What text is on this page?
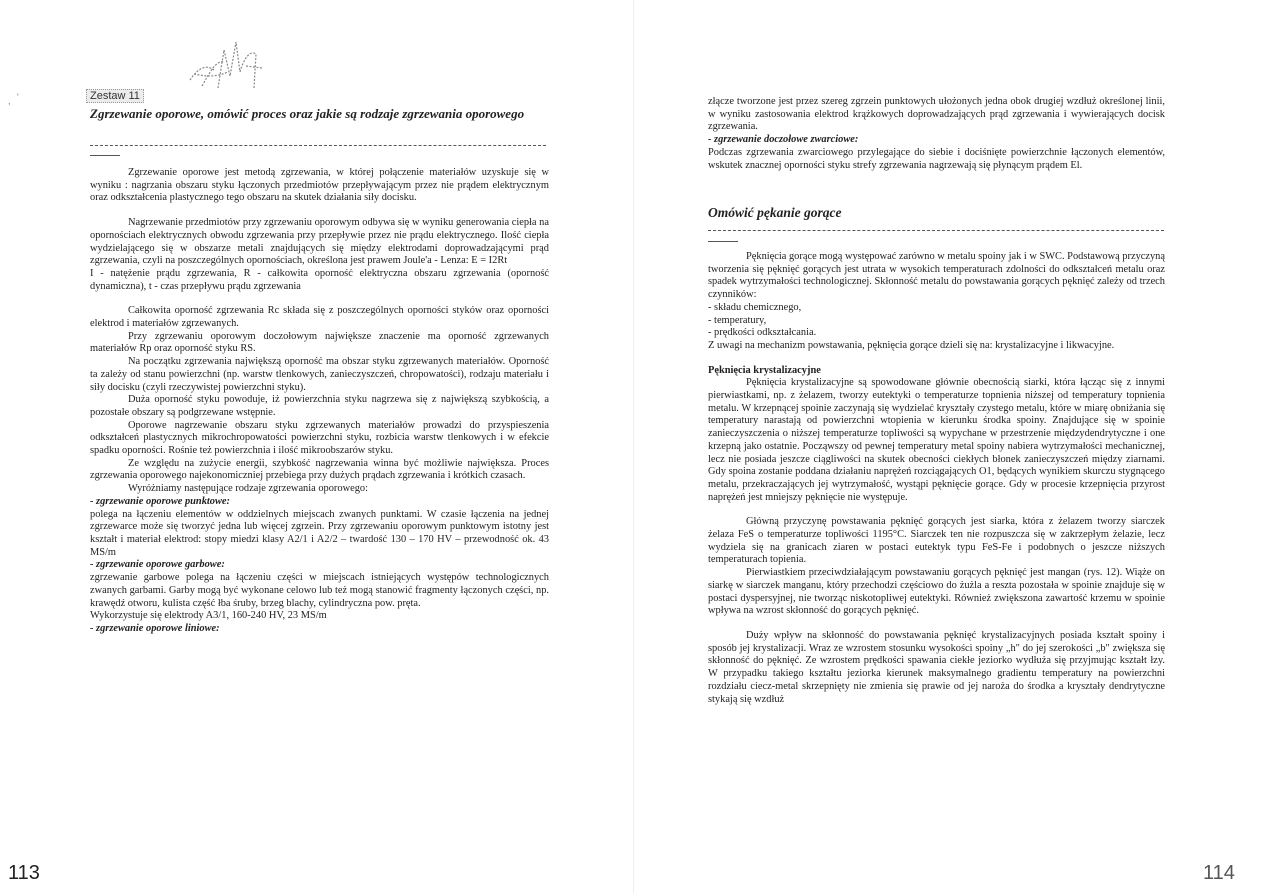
, '	Zestaw 11
Zgrzewanie oporowe, omówić proces oraz jakie są rodzaje zgrzewania oporowego

Zgrzewanie oporowe jest metodą zgrzewania, w której połączenie materiałów uzyskuje się w wyniku : nagrzania obszaru styku łączonych przedmiotów przepływającym przez nie prądem elektrycznym oraz odkształcenia plastycznego tego obszaru na skutek działania siły docisku.

Nagrzewanie przedmiotów przy zgrzewaniu oporowym odbywa się w wyniku generowania ciepła na opornościach elektrycznych obwodu zgrzewania przy przepływie przez nie prądu elektrycznego. Ilość ciepła wydzielającego się w obszarze metali znajdujących się między elektrodami doprowadzającymi prąd zgrzewania, czyli na poszczególnych opornościach, określona jest prawem Joule'a - Lenza: E = I2Rt

I - natężenie prądu zgrzewania, R - całkowita oporność elektryczna obszaru zgrzewania (oporność dynamiczna), t - czas przepływu prądu zgrzewania

Całkowita oporność zgrzewania Rc składa się z poszczególnych oporności styków oraz oporności elektrod i materiałów zgrzewanych.

Przy zgrzewaniu oporowym doczołowym największe znaczenie ma oporność zgrzewanych materiałów Rp oraz oporność styku RS.

Na początku zgrzewania największą oporność ma obszar styku zgrzewanych materiałów. Oporność ta zależy od stanu powierzchni (np. warstw tlenkowych, zanieczyszczeń, chropowatości), rodzaju materiału i siły docisku (czyli rzeczywistej powierzchni styku).

Duża oporność styku powoduje, iż powierzchnia styku nagrzewa się z największą szybkością, a pozostałe obszary są podgrzewane wstępnie.

Oporowe nagrzewanie obszaru styku zgrzewanych materiałów prowadzi do przyspieszenia odkształceń plastycznych mikrochropowatości powierzchni styku, rozbicia warstw tlenkowych i w efekcie spadku oporności. Rośnie też powierzchnia i ilość mikroobszarów styku.

Ze względu na zużycie energii, szybkość nagrzewania winna być możliwie największa. Proces zgrzewania oporowego najekonomiczniej przebiega przy dużych prądach zgrzewania i krótkich czasach.

Wyróżniamy następujące rodzaje zgrzewania oporowego:

- zgrzewanie oporowe punktowe:

polega na łączeniu elementów w oddzielnych miejscach zwanych punktami. W czasie łączenia na jednej zgrzewarce może się tworzyć jedna lub więcej zgrzein. Przy zgrzewaniu oporowym punktowym istotny jest kształt i materiał elektrod: stopy miedzi klasy A2/1 i A2/2 – twardość 130 – 170 HV – przewodność ok. 43 MS/m

- zgrzewanie oporowe garbowe:

zgrzewanie garbowe polega na łączeniu części w miejscach istniejących występów technologicznych zwanych garbami. Garby mogą być wykonane celowo lub też mogą stanowić fragmenty łączonych części, np. krawędź otworu, kulista część łba śruby, brzeg blachy, cylindryczna pow. pręta.

Wykorzystuje się elektrody A3/1, 160-240 HV, 23 MS/m

- zgrzewanie oporowe liniowe:

113

złącze tworzone jest przez szereg zgrzein punktowych ułożonych jedna obok drugiej wzdłuż określonej linii, w wyniku zastosowania elektrod krążkowych doprowadzających prąd zgrzewania i wywierających docisk zgrzewania.

- zgrzewanie doczołowe zwarciowe:

Podczas zgrzewania zwarciowego przylegające do siebie i dociśnięte powierzchnie łączonych elementów, wskutek znacznej oporności styku strefy zgrzewania nagrzewają się płynącym prądem El.

Omówić pękanie gorące

Pęknięcia gorące mogą występować zarówno w metalu spoiny jak i w SWC. Podstawową przyczyną tworzenia się pęknięć gorących jest utrata w wysokich temperaturach zdolności do odkształceń metalu oraz spadek wytrzymałości technologicznej. Skłonność metalu do powstawania gorących pęknięć zależy od trzech czynników:

- składu chemicznego,

- temperatury,

- prędkości odkształcania.

Z uwagi na mechanizm powstawania, pęknięcia gorące dzieli się na: krystalizacyjne i likwacyjne.

Pęknięcia krystalizacyjne

Pęknięcia krystalizacyjne są spowodowane głównie obecnością siarki, która łącząc się z innymi pierwiastkami, np. z żelazem, tworzy eutektyki o temperaturze topnienia niższej od temperatury topnienia metalu. W krzepnącej spoinie zaczynają się wydzielać kryształy czystego metalu, które w miarę obniżania się temperatury narastają od powierzchni wtopienia w kierunku środka spoiny. Znajdujące się w spoinie zanieczyszczenia o niższej temperaturze topliwości są wypychane w przestrzenie międzydendrytyczne i one krzepną jako ostatnie. Począwszy od pewnej temperatury metal spoiny nabiera wytrzymałości mechanicznej, lecz nie posiada jeszcze ciągliwości na skutek obecności ciekłych błonek zanieczyszczeń między ziarnami. Gdy spoina zostanie poddana działaniu naprężeń rozciągających O1, będących wynikiem skurczu stygnącego metalu, przekraczających jej wytrzymałość, wystąpi pęknięcie gorące. Gdy w procesie krzepnięcia przyrost naprężeń jest mniejszy pęknięcie nie występuje.

Główną przyczynę powstawania pęknięć gorących jest siarka, która z żelazem tworzy siarczek żelaza FeS o temperaturze topliwości 1195°C. Siarczek ten nie rozpuszcza się w zakrzepłym żelazie, lecz wydziela się na granicach ziaren w postaci eutektyk typu FeS-Fe i podobnych o jeszcze niższych temperaturach topienia.

Pierwiastkiem przeciwdziałającym powstawaniu gorących pęknięć jest mangan (rys. 12). Wiąże on siarkę w siarczek manganu, który przechodzi częściowo do żużla a reszta pozostała w spoinie znajduje się w postaci dyspersyjnej, nie tworząc niskotopliwej eutektyki. Również zwiększona zawartość krzemu w spoinie wpływa na wzrost skłonność do gorących pęknięć.

Duży wpływ na skłonność do powstawania pęknięć krystalizacyjnych posiada kształt spoiny i sposób jej krystalizacji. Wraz ze wzrostem stosunku wysokości spoiny „h" do jej szerokości „b" zwiększa się skłonność do pęknięć. Ze wzrostem prędkości spawania ciekłe jeziorko wydłuża się przyjmując kształt łzy. W przypadku takiego kształtu jeziorka kierunek maksymalnego gradientu temperatury na powierzchni rozdziału ciecz-metal skrzepnięty nie zmienia się prawie od jej naroża do środka a kryształy dendrytyczne stykają się wzdłuż

114
